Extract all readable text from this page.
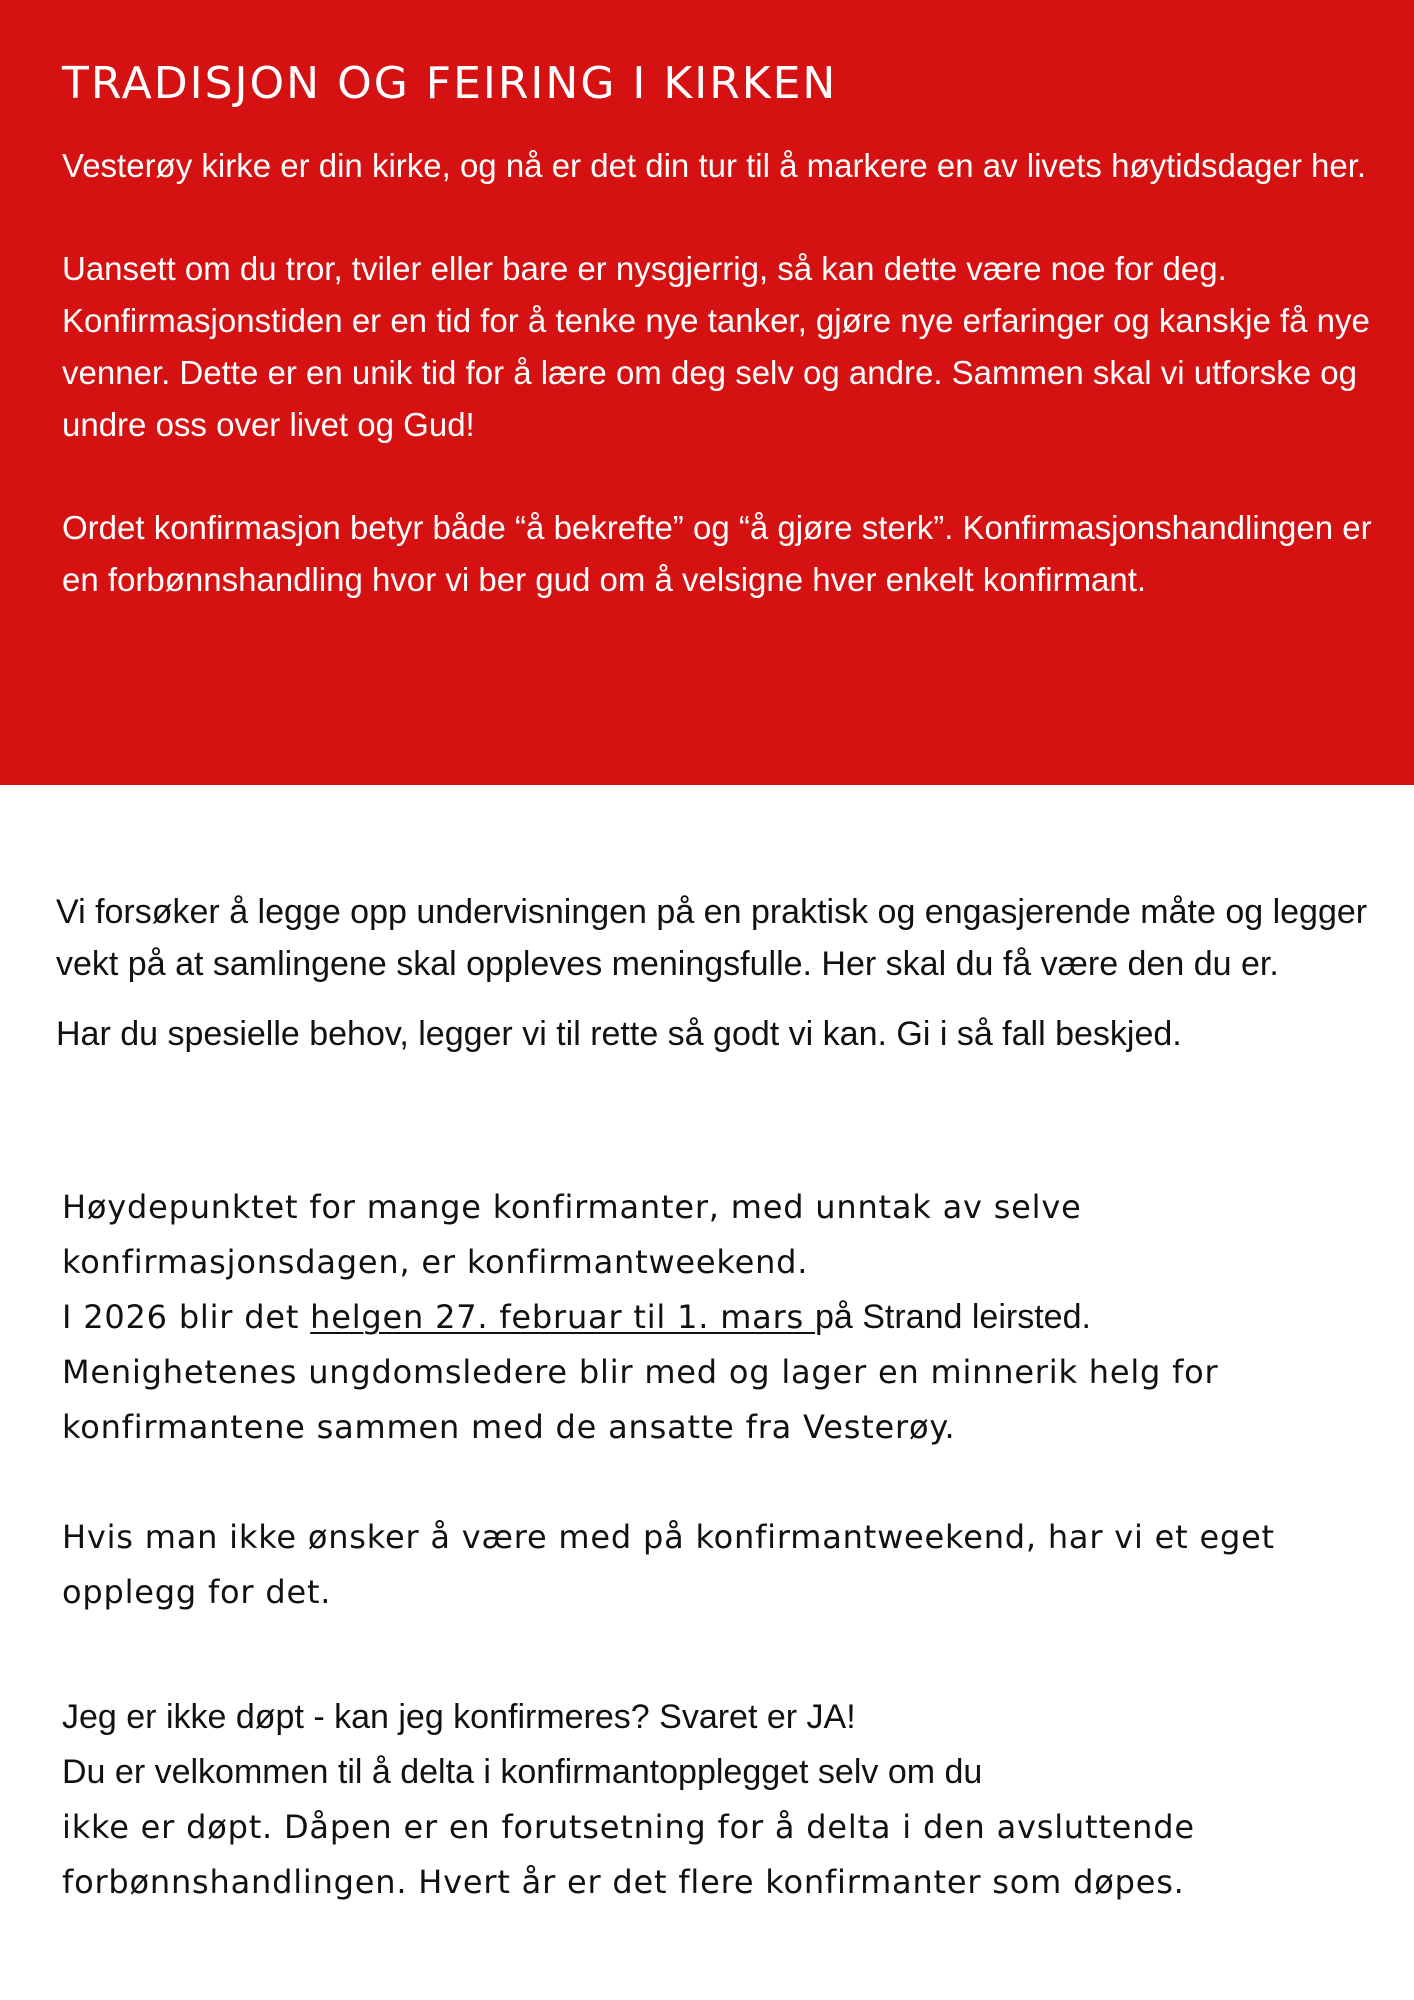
TRADISJON OG FEIRING I KIRKEN

Vesterøy kirke er din kirke, og nå er det din tur til å markere en av livets høytidsdager her.

Uansett om du tror, tviler eller bare er nysgjerrig, så kan dette være noe for deg. Konfirmasjonstiden er en tid for å tenke nye tanker, gjøre nye erfaringer og kanskje få nye venner. Dette er en unik tid for å lære om deg selv og andre. Sammen skal vi utforske og undre oss over livet og Gud!

Ordet konfirmasjon betyr både “å bekrefte” og “å gjøre sterk”. Konfirmasjonshandlingen er en forbønnshandling hvor vi ber gud om å velsigne hver enkelt konfirmant.

Vi forsøker å legge opp undervisningen på en praktisk og engasjerende måte og legger vekt på at samlingene skal oppleves meningsfulle. Her skal du få være den du er.

Har du spesielle behov, legger vi til rette så godt vi kan. Gi i så fall beskjed.

Høydepunktet for mange konfirmanter, med unntak av selve konfirmasjonsdagen, er konfirmantweekend.

I 2026 blir det helgen 27. februar til 1. mars på Strand leirsted.

Menighetenes ungdomsledere blir med og lager en minnerik helg for konfirmantene sammen med de ansatte fra Vesterøy.

Hvis man ikke ønsker å være med på konfirmantweekend, har vi et eget opplegg for det.

Jeg er ikke døpt - kan jeg konfirmeres? Svaret er JA!

Du er velkommen til å delta i konfirmantopplegget selv om du

ikke er døpt. Dåpen er en forutsetning for å delta i den avsluttende forbønnshandlingen. Hvert år er det flere konfirmanter som døpes.
